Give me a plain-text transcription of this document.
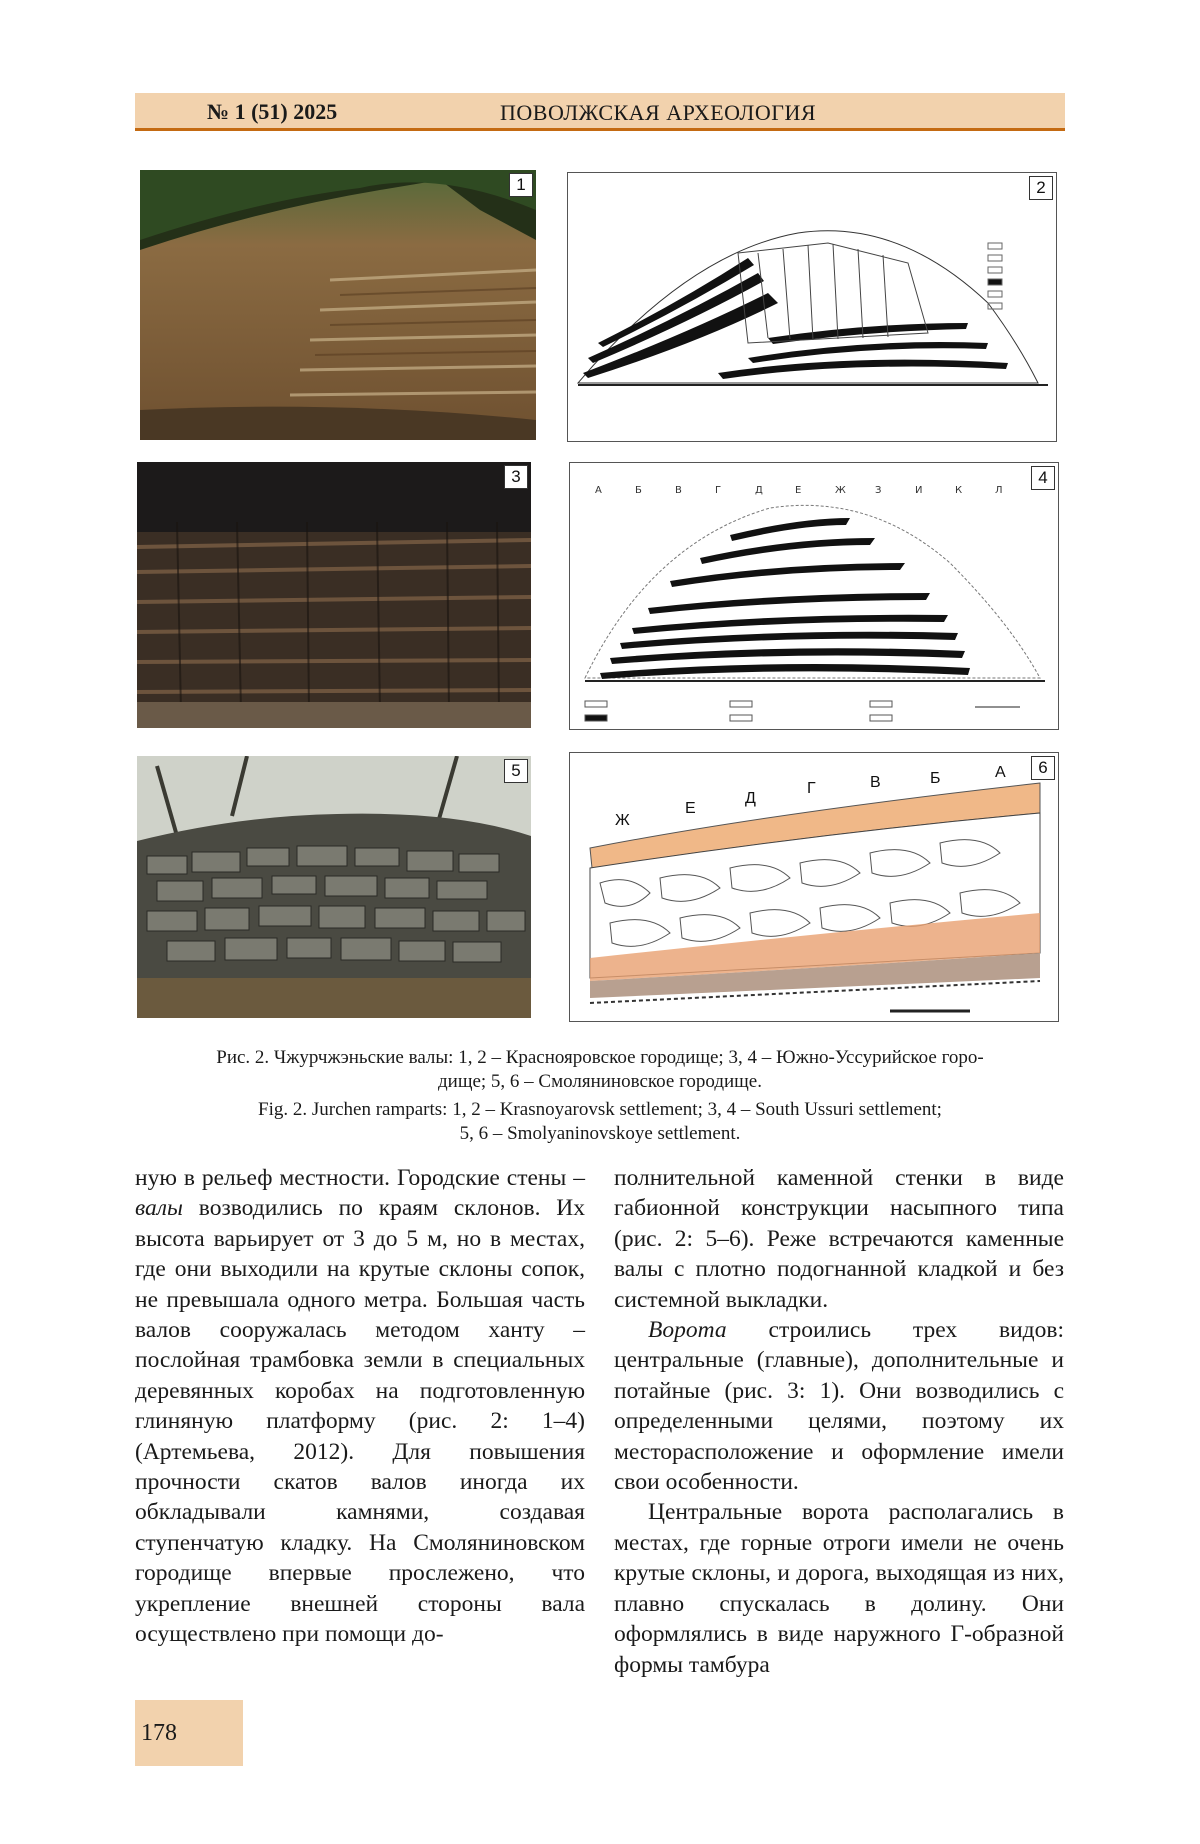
№ 1 (51) 2025	ПОВОЛЖСКАЯ АРХЕОЛОГИЯ
1	2
3
А	Б	В	Г	Д	Е	Ж	З	И	К	Л
4
5
Ж
Е
Д
Г	В	Б	А	6

Рис. 2. Чжурчжэньские валы: 1, 2 – Краснояровское городище; 3, 4 – Южно-Уссурийское горо-

дище; 5, 6 – Смоляниновское городище.

Fig. 2. Jurchen ramparts: 1, 2 – Krasnoyarovsk settlement; 3, 4 – South Ussuri settlement;

5, 6 – Smolyaninovskoye settlement.

ную в рельеф местности. Городские стены – валы возводились по краям склонов. Их высота варьирует от 3 до 5 м, но в местах, где они выходили на крутые склоны сопок, не превышала одного метра. Большая часть валов сооружалась методом ханту – послойная трамбовка земли в специальных деревянных коробах на подготовленную глиняную платформу (рис. 2: 1–4) (Артемьева, 2012). Для повышения прочности скатов валов иногда их обкладывали камнями, создавая ступенчатую кладку. На Смоляниновском городище впервые прослежено, что укрепление внешней стороны вала осуществлено при помощи до-

полнительной каменной стенки в виде габионной конструкции насыпного типа (рис. 2: 5–6). Реже встречаются каменные валы с плотно подогнанной кладкой и без системной выкладки.

Ворота строились трех видов: центральные (главные), дополнительные и потайные (рис. 3: 1). Они возводились с определенными целями, поэтому их месторасположение и оформление имели свои особенности.

Центральные ворота располагались в местах, где горные отроги имели не очень крутые склоны, и дорога, выходящая из них, плавно спускалась в долину. Они оформлялись в виде наружного Г-образной формы тамбура

178
